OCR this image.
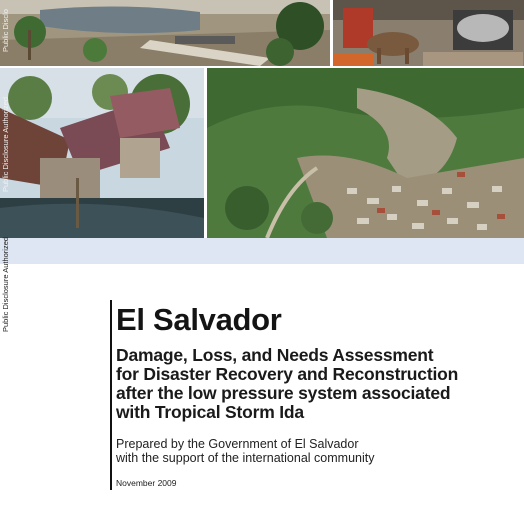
Public Disclo
Public Disclosure Authorized
Public Disclosure Authorized	El Salvador
Damage, Loss, and Needs Assessment
for Disaster Recovery and Reconstruction
after the low pressure system associated
with Tropical Storm Ida
Prepared by the Government of El Salvador
with the support of the international community
November 2009
